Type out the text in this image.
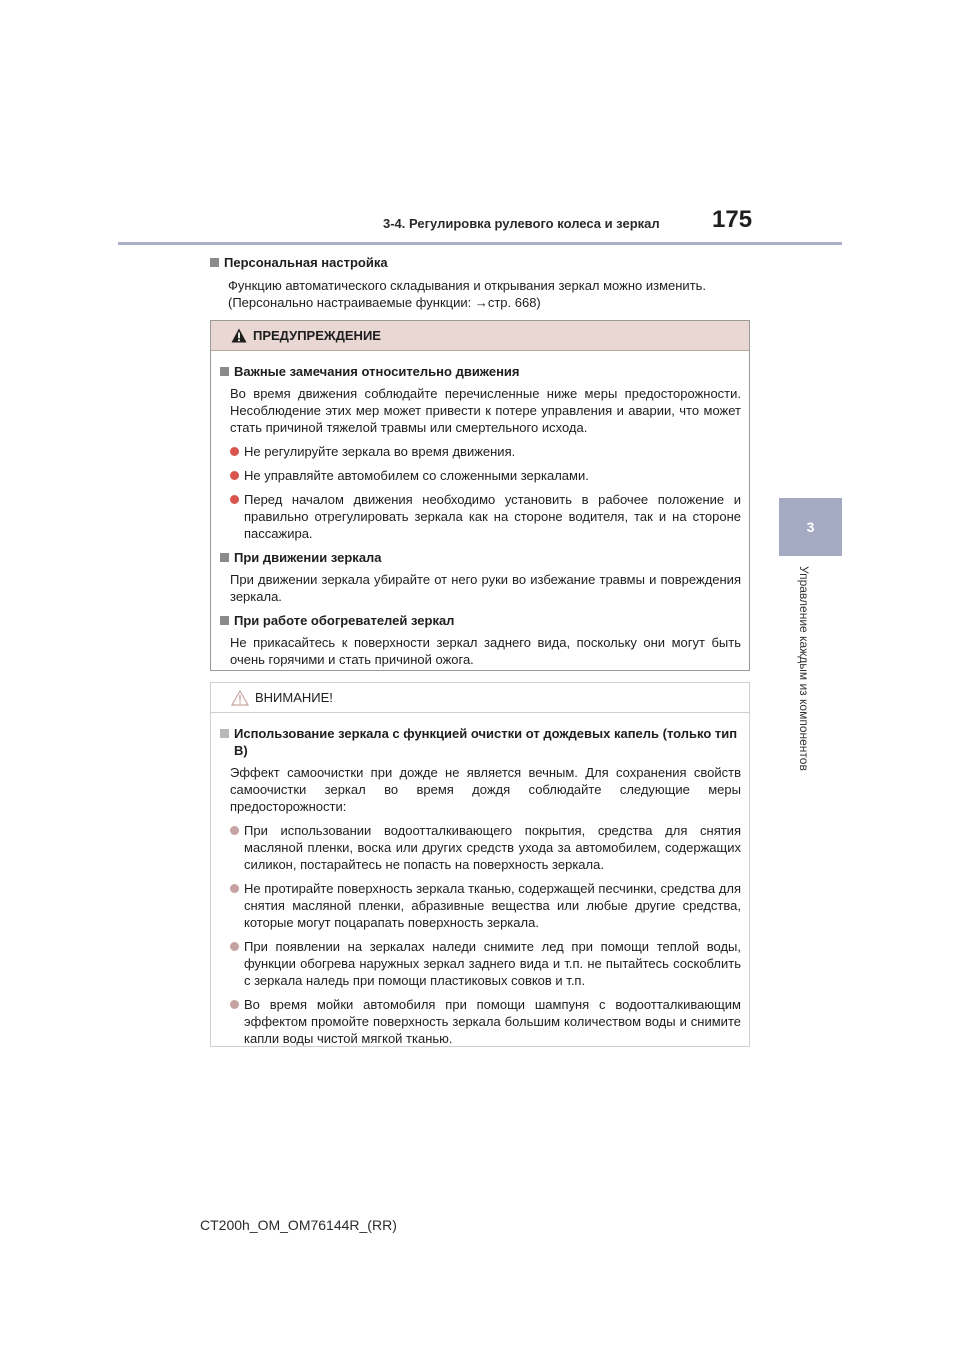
3-4. Регулировка рулевого колеса и зеркал	175
3
Управление каждым из компонентов
Персональная настройка
Функцию автоматического складывания и открывания зеркал можно изменить. (Персонально настраиваемые функции: →стр. 668)
ПРЕДУПРЕЖДЕНИЕ
Важные замечания относительно движения
Во время движения соблюдайте перечисленные ниже меры предосторожности. Несоблюдение этих мер может привести к потере управления и аварии, что может стать причиной тяжелой травмы или смертельного исхода.
Не регулируйте зеркала во время движения.
Не управляйте автомобилем со сложенными зеркалами.
Перед началом движения необходимо установить в рабочее положение и правильно отрегулировать зеркала как на стороне водителя, так и на стороне пассажира.
При движении зеркала
При движении зеркала убирайте от него руки во избежание травмы и повреждения зеркала.
При работе обогревателей зеркал
Не прикасайтесь к поверхности зеркал заднего вида, поскольку они могут быть очень горячими и стать причиной ожога.
ВНИМАНИЕ!
Использование зеркала с функцией очистки от дождевых капель (только тип B)
Эффект самоочистки при дожде не является вечным. Для сохранения свойств самоочистки зеркал во время дождя соблюдайте следующие меры предосторожности:
При использовании водоотталкивающего покрытия, средства для снятия масляной пленки, воска или других средств ухода за автомобилем, содержащих силикон, постарайтесь не попасть на поверхность зеркала.
Не протирайте поверхность зеркала тканью, содержащей песчинки, средства для снятия масляной пленки, абразивные вещества или любые другие средства, которые могут поцарапать поверхность зеркала.
При появлении на зеркалах наледи снимите лед при помощи теплой воды, функции обогрева наружных зеркал заднего вида и т.п. не пытайтесь соскоблить с зеркала наледь при помощи пластиковых совков и т.п.
Во время мойки автомобиля при помощи шампуня с водоотталкивающим эффектом промойте поверхность зеркала большим количеством воды и снимите капли воды чистой мягкой тканью.
CT200h_OM_OM76144R_(RR)
